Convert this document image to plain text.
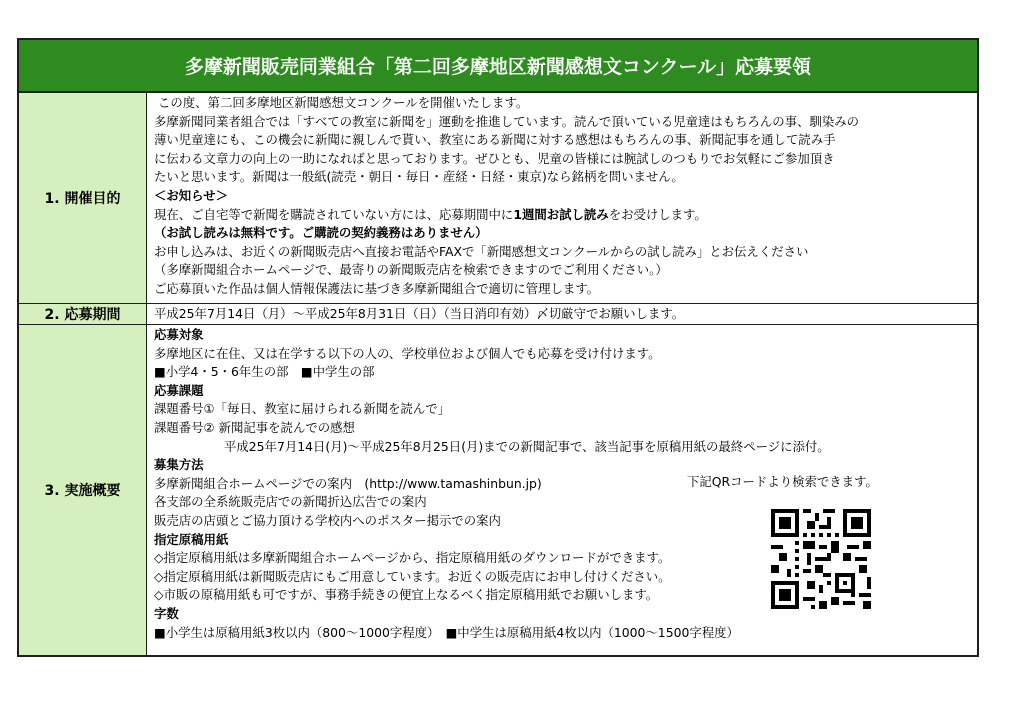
多摩新聞販売同業組合「第二回多摩地区新聞感想文コンクール」応募要領
1. 開催目的
この度、第二回多摩地区新聞感想文コンクールを開催いたします。
多摩新聞同業者組合では「すべての教室に新聞を」運動を推進しています。読んで頂いている児童達はもちろんの事、馴染みの
薄い児童達にも、この機会に新聞に親しんで貰い、教室にある新聞に対する感想はもちろんの事、新聞記事を通して読み手
に伝わる文章力の向上の一助になればと思っております。ぜひとも、児童の皆様には腕試しのつもりでお気軽にご参加頂き
たいと思います。新聞は一般紙(読売・朝日・毎日・産経・日経・東京)なら銘柄を問いません。
＜お知らせ＞
現在、ご自宅等で新聞を購読されていない方には、応募期間中に1週間お試し読みをお受けします。
（お試し読みは無料です。ご購読の契約義務はありません）
お申し込みは、お近くの新聞販売店へ直接お電話やFAXで「新聞感想文コンクールからの試し読み」とお伝えください
（多摩新聞組合ホームページで、最寄りの新聞販売店を検索できますのでご利用ください。）
ご応募頂いた作品は個人情報保護法に基づき多摩新聞組合で適切に管理します。
2. 応募期間	平成25年7月14日（月）～平成25年8月31日（日）（当日消印有効）〆切厳守でお願いします。
3. 実施概要
応募対象
多摩地区に在住、又は在学する以下の人の、学校単位および個人でも応募を受け付けます。
■小学4・5・6年生の部　■中学生の部
応募課題
課題番号①「毎日、教室に届けられる新聞を読んで」
課題番号② 新聞記事を読んでの感想
平成25年7月14日(月)～平成25年8月25日(月)までの新聞記事で、該当記事を原稿用紙の最終ページに添付。
募集方法
多摩新聞組合ホームページでの案内　(http://www.tamashinbun.jp)
各支部の全系統販売店での新聞折込広告での案内
販売店の店頭とご協力頂ける学校内へのポスター掲示での案内
指定原稿用紙
◇指定原稿用紙は多摩新聞組合ホームページから、指定原稿用紙のダウンロードができます。
◇指定原稿用紙は新聞販売店にもご用意しています。お近くの販売店にお申し付けください。
◇市販の原稿用紙も可ですが、事務手続きの便宜上なるべく指定原稿用紙でお願いします。
字数
■小学生は原稿用紙3枚以内（800～1000字程度）　■中学生は原稿用紙4枚以内（1000～1500字程度）
下記QRコードより検索できます。
